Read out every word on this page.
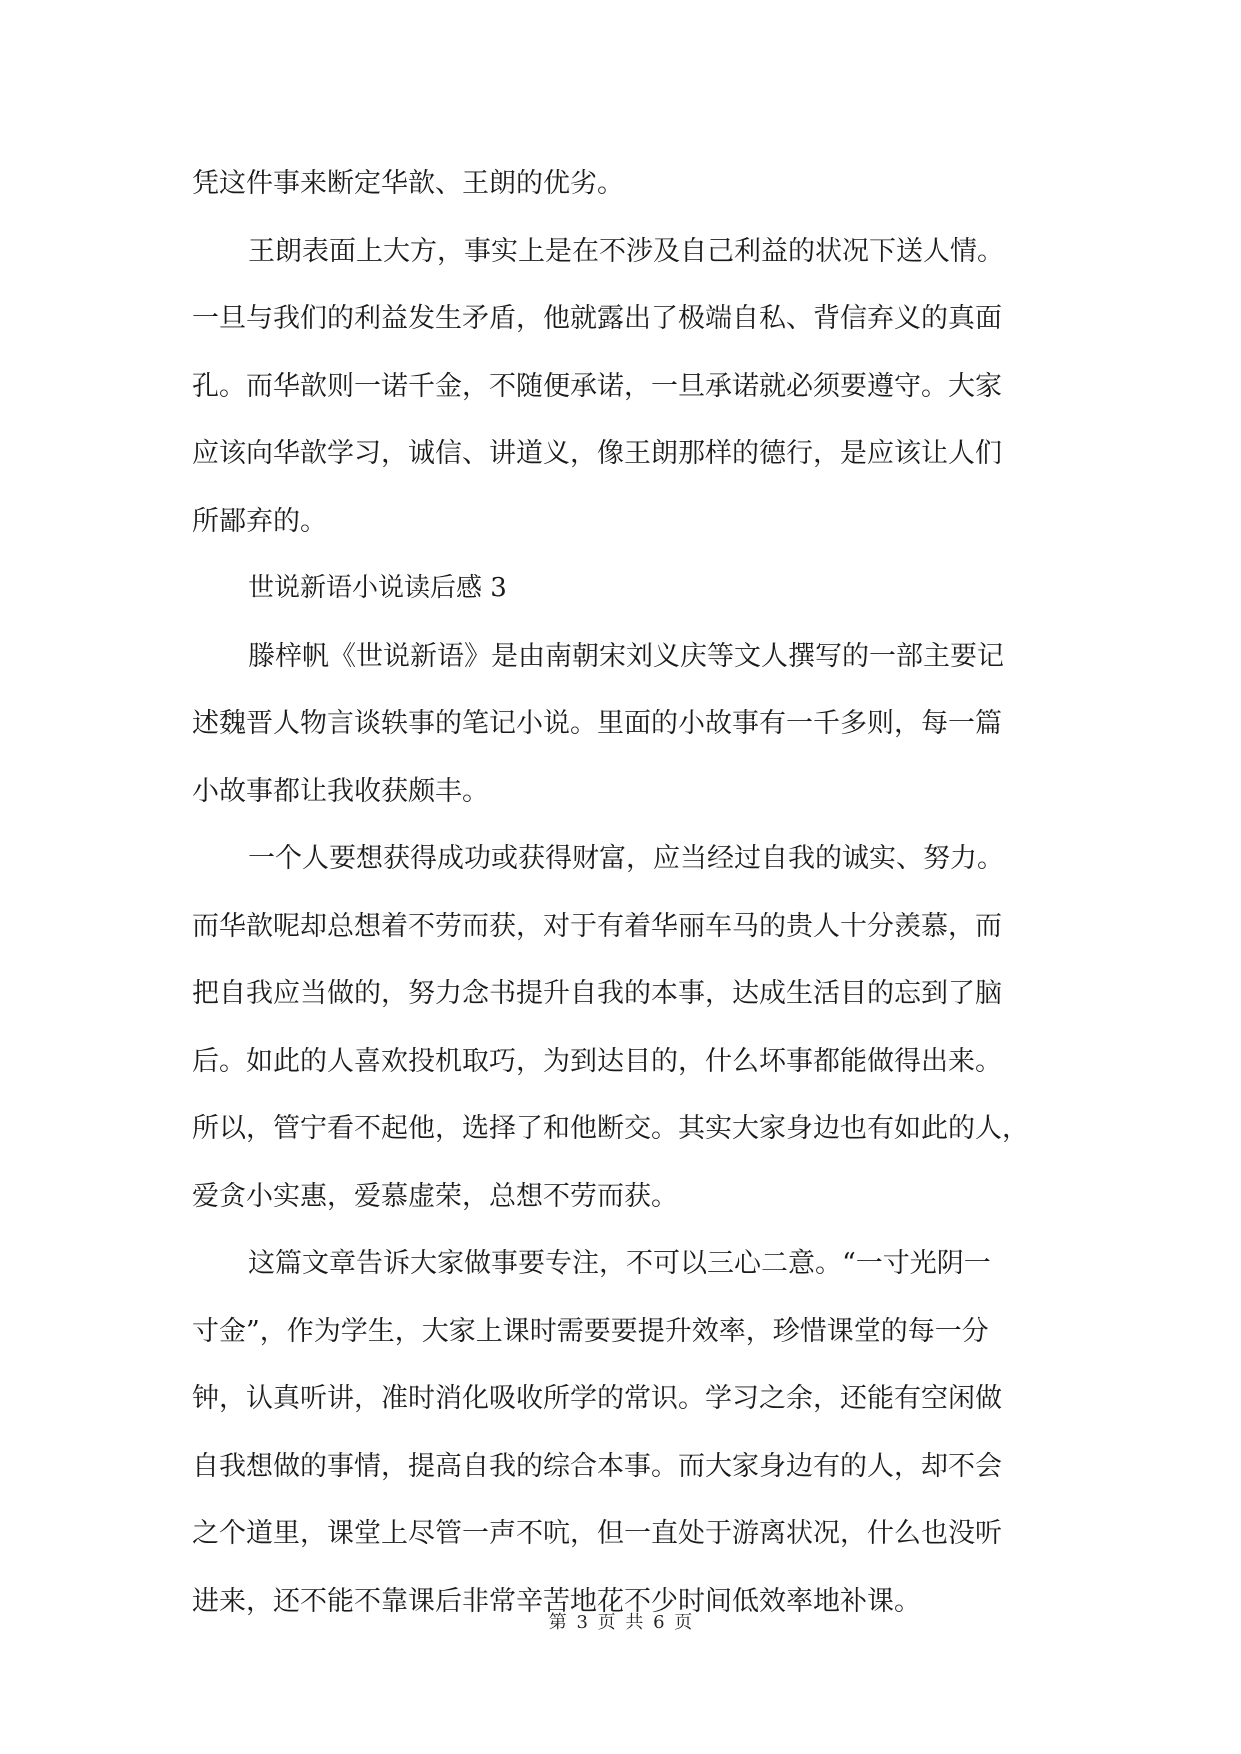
凭这件事来断定华歆、王朗的优劣。
王朗表面上大方，事实上是在不涉及自己利益的状况下送人情。
一旦与我们的利益发生矛盾，他就露出了极端自私、背信弃义的真面
孔。而华歆则一诺千金，不随便承诺，一旦承诺就必须要遵守。大家
应该向华歆学习，诚信、讲道义，像王朗那样的德行，是应该让人们
所鄙弃的。
世说新语小说读后感 3
滕梓帆《世说新语》是由南朝宋刘义庆等文人撰写的一部主要记
述魏晋人物言谈轶事的笔记小说。里面的小故事有一千多则，每一篇
小故事都让我收获颇丰。
一个人要想获得成功或获得财富，应当经过自我的诚实、努力。
而华歆呢却总想着不劳而获，对于有着华丽车马的贵人十分羡慕，而
把自我应当做的，努力念书提升自我的本事，达成生活目的忘到了脑
后。如此的人喜欢投机取巧，为到达目的，什么坏事都能做得出来。
所以，管宁看不起他，选择了和他断交。其实大家身边也有如此的人，
爱贪小实惠，爱慕虚荣，总想不劳而获。
这篇文章告诉大家做事要专注，不可以三心二意。“一寸光阴一
寸金”，作为学生，大家上课时需要要提升效率，珍惜课堂的每一分
钟，认真听讲，准时消化吸收所学的常识。学习之余，还能有空闲做
自我想做的事情，提高自我的综合本事。而大家身边有的人，却不会
之个道里，课堂上尽管一声不吭，但一直处于游离状况，什么也没听
进来，还不能不靠课后非常辛苦地花不少时间低效率地补课。
第 3 页 共 6 页
